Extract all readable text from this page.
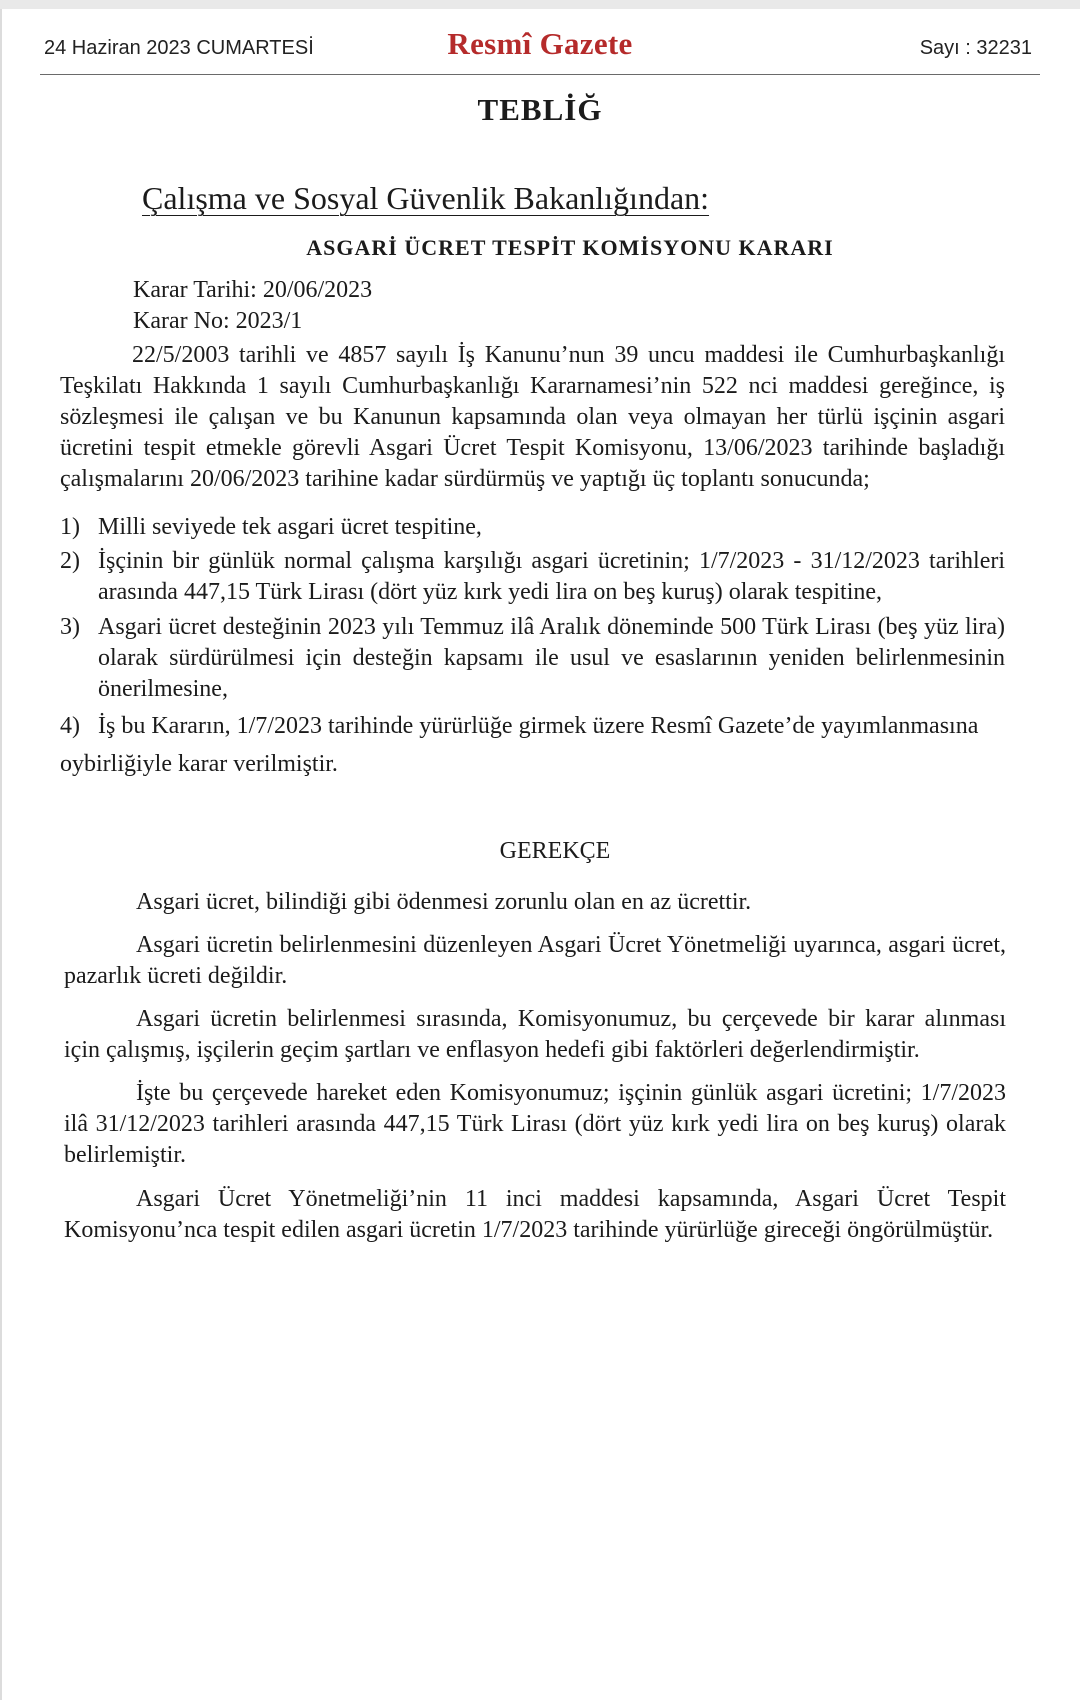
24 Haziran 2023 CUMARTESİ	Resmî Gazete	Sayı : 32231
TEBLİĞ
Çalışma ve Sosyal Güvenlik Bakanlığından:
ASGARİ ÜCRET TESPİT KOMİSYONU KARARI
Karar Tarihi: 20/06/2023
Karar No: 2023/1

22/5/2003 tarihli ve 4857 sayılı İş Kanunu’nun 39 uncu maddesi ile Cumhurbaşkanlığı Teşkilatı Hakkında 1 sayılı Cumhurbaşkanlığı Kararnamesi’nin 522 nci maddesi gereğince, iş sözleşmesi ile çalışan ve bu Kanunun kapsamında olan veya olmayan her türlü işçinin asgari ücretini tespit etmekle görevli Asgari Ücret Tespit Komisyonu, 13/06/2023 tarihinde başladığı çalışmalarını 20/06/2023 tarihine kadar sürdürmüş ve yaptığı üç toplantı sonucunda;

1) Milli seviyede tek asgari ücret tespitine,
2) İşçinin bir günlük normal çalışma karşılığı asgari ücretinin; 1/7/2023 - 31/12/2023 tarihleri arasında 447,15 Türk Lirası (dört yüz kırk yedi lira on beş kuruş) olarak tespitine,
3) Asgari ücret desteğinin 2023 yılı Temmuz ilâ Aralık döneminde 500 Türk Lirası (beş yüz lira) olarak sürdürülmesi için desteğin kapsamı ile usul ve esaslarının yeniden belirlenmesinin önerilmesine,
4) İş bu Kararın, 1/7/2023 tarihinde yürürlüğe girmek üzere Resmî Gazete’de yayımlanmasına

oybirliğiyle karar verilmiştir.

GEREKÇE

Asgari ücret, bilindiği gibi ödenmesi zorunlu olan en az ücrettir.

Asgari ücretin belirlenmesini düzenleyen Asgari Ücret Yönetmeliği uyarınca, asgari ücret, pazarlık ücreti değildir.

Asgari ücretin belirlenmesi sırasında, Komisyonumuz, bu çerçevede bir karar alınması için çalışmış, işçilerin geçim şartları ve enflasyon hedefi gibi faktörleri değerlendirmiştir.

İşte bu çerçevede hareket eden Komisyonumuz; işçinin günlük asgari ücretini; 1/7/2023 ilâ 31/12/2023 tarihleri arasında 447,15 Türk Lirası (dört yüz kırk yedi lira on beş kuruş) olarak belirlemiştir.

Asgari Ücret Yönetmeliği’nin 11 inci maddesi kapsamında, Asgari Ücret Tespit Komisyonu’nca tespit edilen asgari ücretin 1/7/2023 tarihinde yürürlüğe gireceği öngörülmüştür.
